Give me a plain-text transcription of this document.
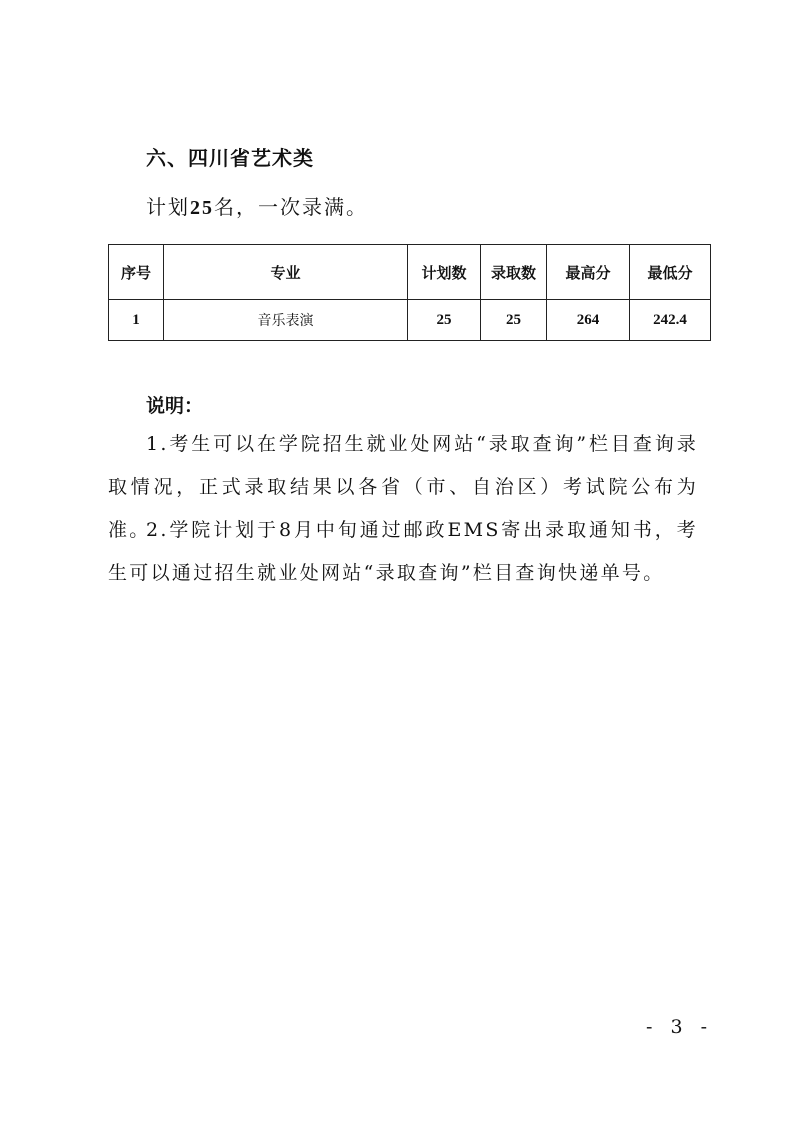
六、四川省艺术类

计划25名，一次录满。

序号	专业	计划数	录取数	最高分	最低分
1	音乐表演	25	25	264	242.4
说明：

1.考生可以在学院招生就业处网站“录取查询”栏目查询录取情况，正式录取结果以各省（市、自治区）考试院公布为准。

2.学院计划于8月中旬通过邮政EMS寄出录取通知书，考生可以通过招生就业处网站“录取查询”栏目查询快递单号。

- 3 -
